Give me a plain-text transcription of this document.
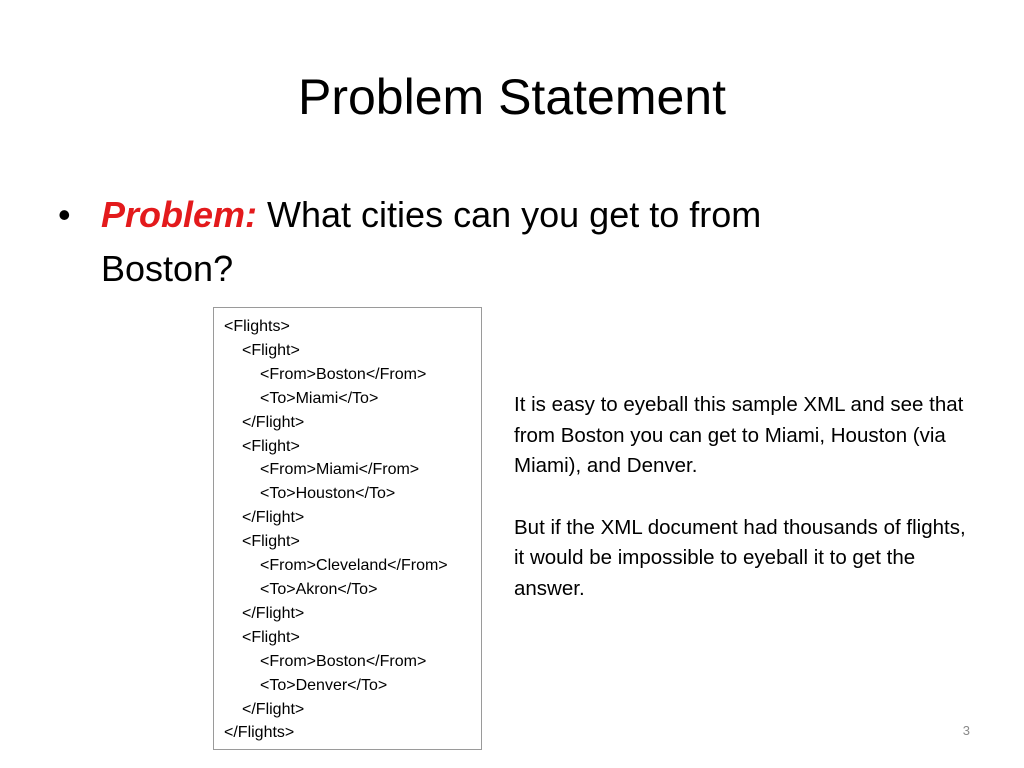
Problem Statement
• Problem: What cities can you get to from Boston?
<Flights>
<Flight>
<From>Boston</From>
<To>Miami</To>
</Flight>
<Flight>
<From>Miami</From>
<To>Houston</To>
</Flight>
<Flight>
<From>Cleveland</From>
<To>Akron</To>
</Flight>
<Flight>
<From>Boston</From>
<To>Denver</To>
</Flight>
</Flights>

It is easy to eyeball this sample XML and see that from Boston you can get to Miami, Houston (via Miami), and Denver.

But if the XML document had thousands of flights, it would be impossible to eyeball it to get the answer.

3
